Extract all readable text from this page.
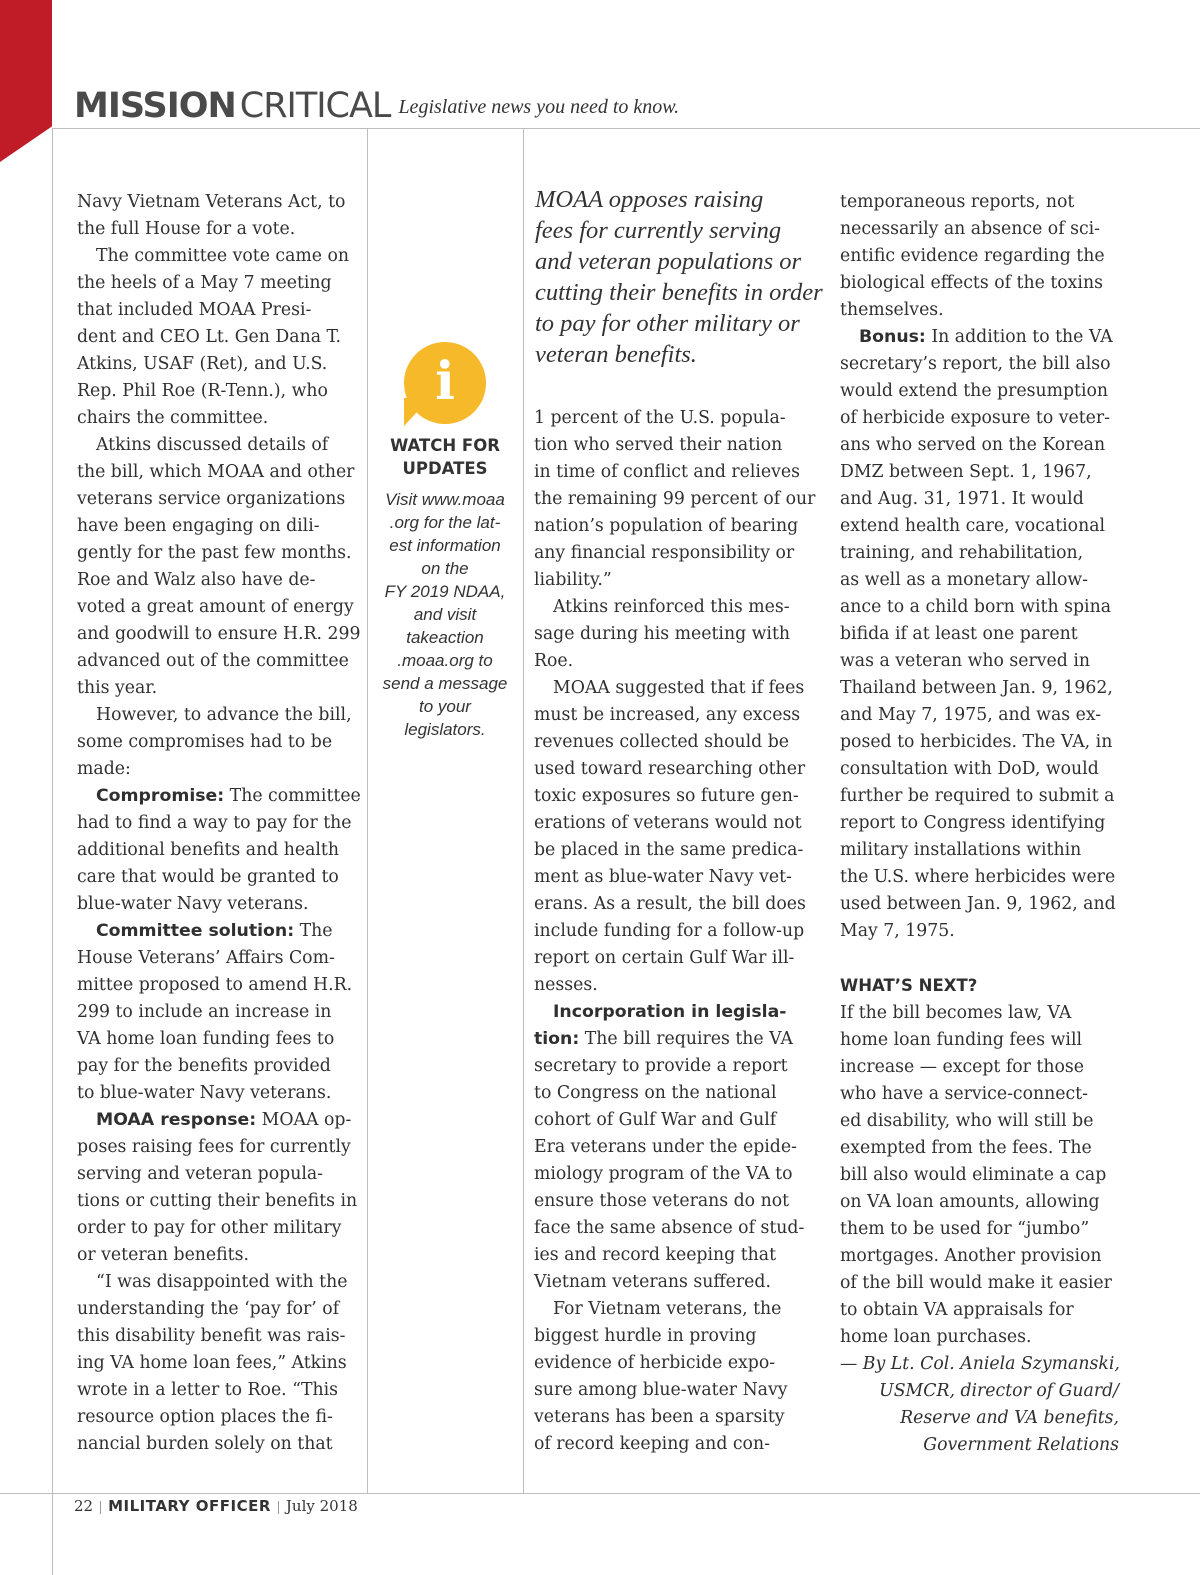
MISSION CRITICAL Legislative news you need to know.

Navy Vietnam Veterans Act, to

the full House for a vote.

The committee vote came on

the heels of a May 7 meeting

that included MOAA Presi-

dent and CEO Lt. Gen Dana T.

Atkins, USAF (Ret), and U.S.

Rep. Phil Roe (R-Tenn.), who

chairs the committee.

Atkins discussed details of

the bill, which MOAA and other

veterans service organizations

have been engaging on dili-

gently for the past few months.

Roe and Walz also have de-

voted a great amount of energy

and goodwill to ensure H.R. 299

advanced out of the committee

this year.

However, to advance the bill,

some compromises had to be

made:

Compromise: The committee

had to find a way to pay for the

additional benefits and health

care that would be granted to

blue-water Navy veterans.

Committee solution: The

House Veterans’ Affairs Com-

mittee proposed to amend H.R.

299 to include an increase in

VA home loan funding fees to

pay for the benefits provided

to blue-water Navy veterans.

MOAA response: MOAA op-

poses raising fees for currently

serving and veteran popula-

tions or cutting their benefits in

order to pay for other military

or veteran benefits.

“I was disappointed with the

understanding the ‘pay for’ of

this disability benefit was rais-

ing VA home loan fees,” Atkins

wrote in a letter to Roe. “This

resource option places the fi-

nancial burden solely on that

i

WATCH FOR

UPDATES

Visit www.moaa

.org for the lat-

est information

on the

FY 2019 NDAA,

and visit

takeaction

.moaa.org to

send a message

to your

legislators.

MOAA opposes raising

fees for currently serving

and veteran populations or

cutting their benefits in order

to pay for other military or

veteran benefits.

1 percent of the U.S. popula-

tion who served their nation

in time of conflict and relieves

the remaining 99 percent of our

nation’s population of bearing

any financial responsibility or

liability.”

Atkins reinforced this mes-

sage during his meeting with

Roe.

MOAA suggested that if fees

must be increased, any excess

revenues collected should be

used toward researching other

toxic exposures so future gen-

erations of veterans would not

be placed in the same predica-

ment as blue-water Navy vet-

erans. As a result, the bill does

include funding for a follow-up

report on certain Gulf War ill-

nesses.

Incorporation in legisla-

tion: The bill requires the VA

secretary to provide a report

to Congress on the national

cohort of Gulf War and Gulf

Era veterans under the epide-

miology program of the VA to

ensure those veterans do not

face the same absence of stud-

ies and record keeping that

Vietnam veterans suffered.

For Vietnam veterans, the

biggest hurdle in proving

evidence of herbicide expo-

sure among blue-water Navy

veterans has been a sparsity

of record keeping and con-

temporaneous reports, not

necessarily an absence of sci-

entific evidence regarding the

biological effects of the toxins

themselves.

Bonus: In addition to the VA

secretary’s report, the bill also

would extend the presumption

of herbicide exposure to veter-

ans who served on the Korean

DMZ between Sept. 1, 1967,

and Aug. 31, 1971. It would

extend health care, vocational

training, and rehabilitation,

as well as a monetary allow-

ance to a child born with spina

bifida if at least one parent

was a veteran who served in

Thailand between Jan. 9, 1962,

and May 7, 1975, and was ex-

posed to herbicides. The VA, in

consultation with DoD, would

further be required to submit a

report to Congress identifying

military installations within

the U.S. where herbicides were

used between Jan. 9, 1962, and

May 7, 1975.

WHAT’S NEXT?

If the bill becomes law, VA

home loan funding fees will

increase — except for those

who have a service-connect-

ed disability, who will still be

exempted from the fees. The

bill also would eliminate a cap

on VA loan amounts, allowing

them to be used for “jumbo”

mortgages. Another provision

of the bill would make it easier

to obtain VA appraisals for

home loan purchases.

— By Lt. Col. Aniela Szymanski,

USMCR, director of Guard/

Reserve and VA benefits,

Government Relations

22 | MILITARY OFFICER | July 2018
